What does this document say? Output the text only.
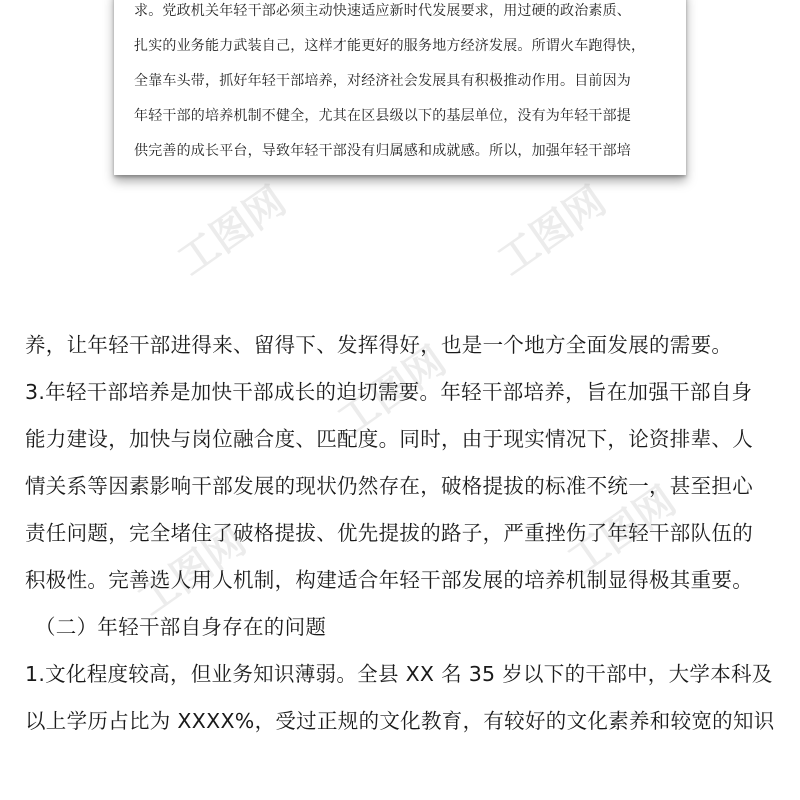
工图网	工图网
工图网
工图网
工图网
求。党政机关年轻干部必须主动快速适应新时代发展要求，用过硬的政治素质、
扎实的业务能力武装自己，这样才能更好的服务地方经济发展。所谓火车跑得快，
全靠车头带，抓好年轻干部培养，对经济社会发展具有积极推动作用。目前因为
年轻干部的培养机制不健全，尤其在区县级以下的基层单位，没有为年轻干部提
供完善的成长平台，导致年轻干部没有归属感和成就感。所以，加强年轻干部培
养，让年轻干部进得来、留得下、发挥得好，也是一个地方全面发展的需要。
3.年轻干部培养是加快干部成长的迫切需要。年轻干部培养，旨在加强干部自身
能力建设，加快与岗位融合度、匹配度。同时，由于现实情况下，论资排辈、人
情关系等因素影响干部发展的现状仍然存在，破格提拔的标准不统一，甚至担心
责任问题，完全堵住了破格提拔、优先提拔的路子，严重挫伤了年轻干部队伍的
积极性。完善选人用人机制，构建适合年轻干部发展的培养机制显得极其重要。
（二）年轻干部自身存在的问题
1.文化程度较高，但业务知识薄弱。全县 XX 名 35 岁以下的干部中，大学本科及
以上学历占比为 XXXX%，受过正规的文化教育，有较好的文化素养和较宽的知识
